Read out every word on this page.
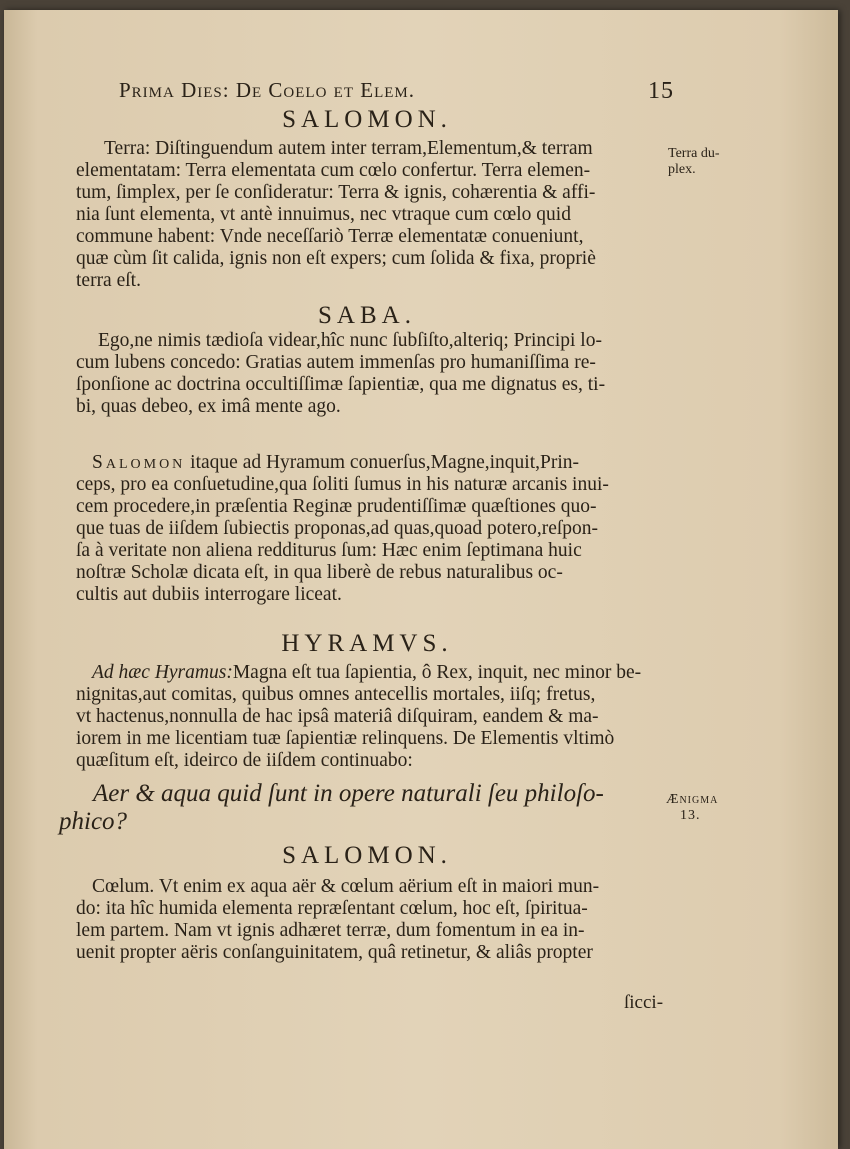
Prima Dies: De Coelo et Elem.	15
SALOMON.
Terra: Diſtinguendum autem inter terram,Elementum,& terram
elementatam: Terra elementata cum cœlo confertur. Terra elemen-
tum, ſimplex, per ſe conſideratur: Terra & ignis, cohærentia & affi-
nia ſunt elementa, vt antè innuimus, nec vtraque cum cœlo quid
commune habent: Vnde neceſſariò Terræ elementatæ conueniunt,
quæ cùm ſit calida, ignis non eſt expers; cum ſolida & fixa, propriè
terra eſt.
Terra du-
plex.
SABA.
Ego,ne nimis tædioſa videar,hîc nunc ſubſiſto,alteriq; Principi lo-
cum lubens concedo: Gratias autem immenſas pro humaniſſima re-
ſponſione ac doctrina occultiſſimæ ſapientiæ, qua me dignatus es, ti-
bi, quas debeo, ex imâ mente ago.
Salomon itaque ad Hyramum conuerſus,Magne,inquit,Prin-
ceps, pro ea conſuetudine,qua ſoliti ſumus in his naturæ arcanis inui-
cem procedere,in præſentia Reginæ prudentiſſimæ quæſtiones quo-
que tuas de iiſdem ſubiectis proponas,ad quas,quoad potero,reſpon-
ſa à veritate non aliena redditurus ſum: Hæc enim ſeptimana huic
noſtræ Scholæ dicata eſt, in qua liberè de rebus naturalibus oc-
cultis aut dubiis interrogare liceat.
HYRAMVS.
Ad hæc Hyramus:Magna eſt tua ſapientia, ô Rex, inquit, nec minor be-
nignitas,aut comitas, quibus omnes antecellis mortales, iiſq; fretus,
vt hactenus,nonnulla de hac ipsâ materiâ diſquiram, eandem & ma-
iorem in me licentiam tuæ ſapientiæ relinquens. De Elementis vltimò
quæſitum eſt, ideirco de iiſdem continuabo:
Aer & aqua quid ſunt in opere naturali ſeu philoſo-
phico?
Ænigma
13.
SALOMON.
Cœlum. Vt enim ex aqua aër & cœlum aërium eſt in maiori mun-
do: ita hîc humida elementa repræſentant cœlum, hoc eſt, ſpiritua-
lem partem. Nam vt ignis adhæret terræ, dum fomentum in ea in-
uenit propter aëris conſanguinitatem, quâ retinetur, & aliâs propter
ſicci-
